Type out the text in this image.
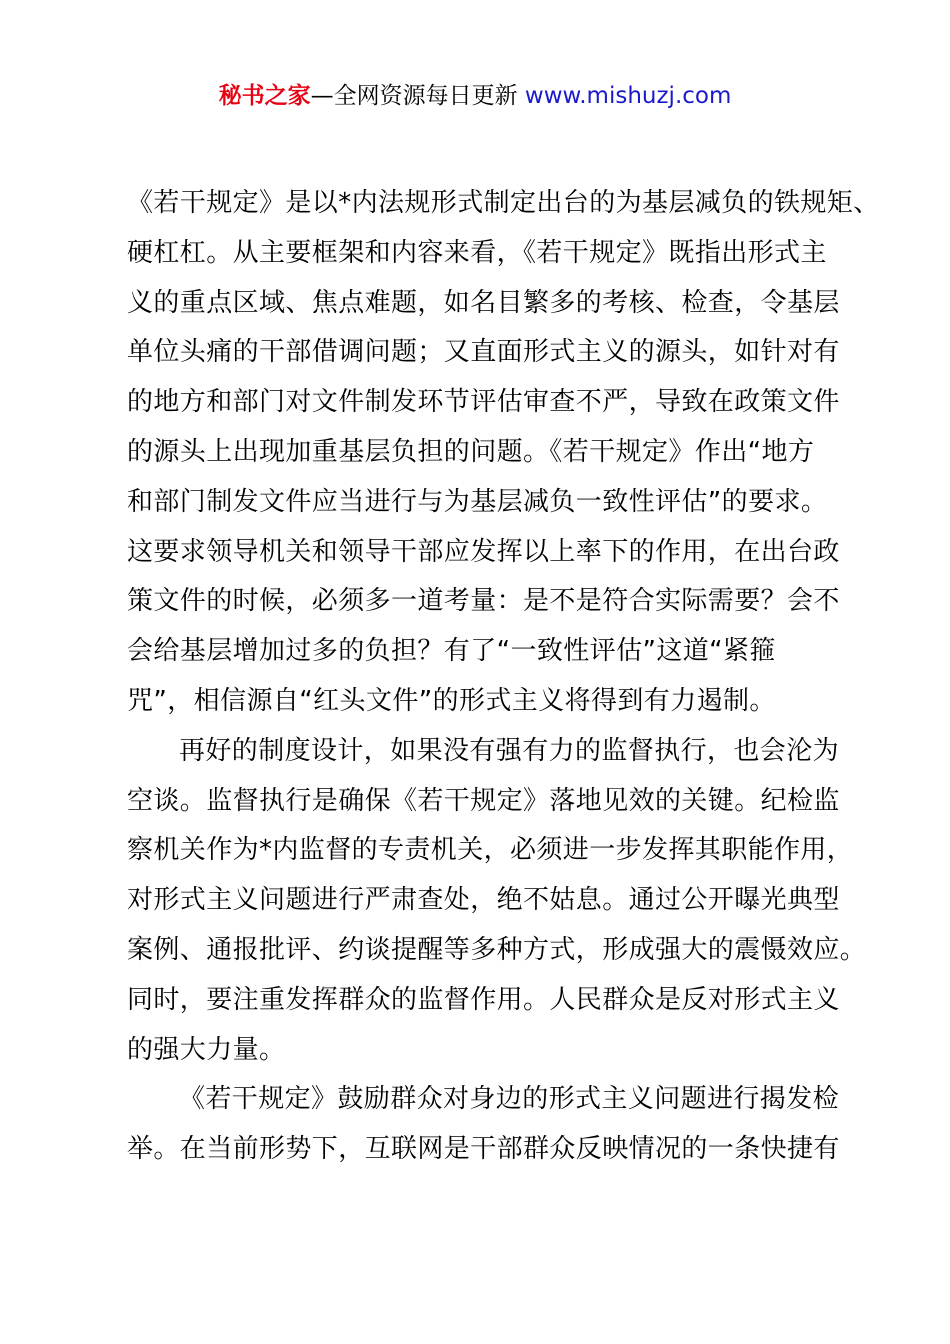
秘书之家—全网资源每日更新 www.mishuzj.com

《若干规定》是以*内法规形式制定出台的为基层减负的铁规矩、
硬杠杠。从主要框架和内容来看，《若干规定》既指出形式主
义的重点区域、焦点难题，如名目繁多的考核、检查，令基层
单位头痛的干部借调问题；又直面形式主义的源头，如针对有
的地方和部门对文件制发环节评估审查不严，导致在政策文件
的源头上出现加重基层负担的问题。《若干规定》作出“地方
和部门制发文件应当进行与为基层减负一致性评估”的要求。
这要求领导机关和领导干部应发挥以上率下的作用，在出台政
策文件的时候，必须多一道考量：是不是符合实际需要？会不
会给基层增加过多的负担？有了“一致性评估”这道“紧箍
咒”，相信源自“红头文件”的形式主义将得到有力遏制。

再好的制度设计，如果没有强有力的监督执行，也会沦为
空谈。监督执行是确保《若干规定》落地见效的关键。纪检监
察机关作为*内监督的专责机关，必须进一步发挥其职能作用，
对形式主义问题进行严肃查处，绝不姑息。通过公开曝光典型
案例、通报批评、约谈提醒等多种方式，形成强大的震慑效应。
同时，要注重发挥群众的监督作用。人民群众是反对形式主义
的强大力量。

《若干规定》鼓励群众对身边的形式主义问题进行揭发检
举。在当前形势下，互联网是干部群众反映情况的一条快捷有
